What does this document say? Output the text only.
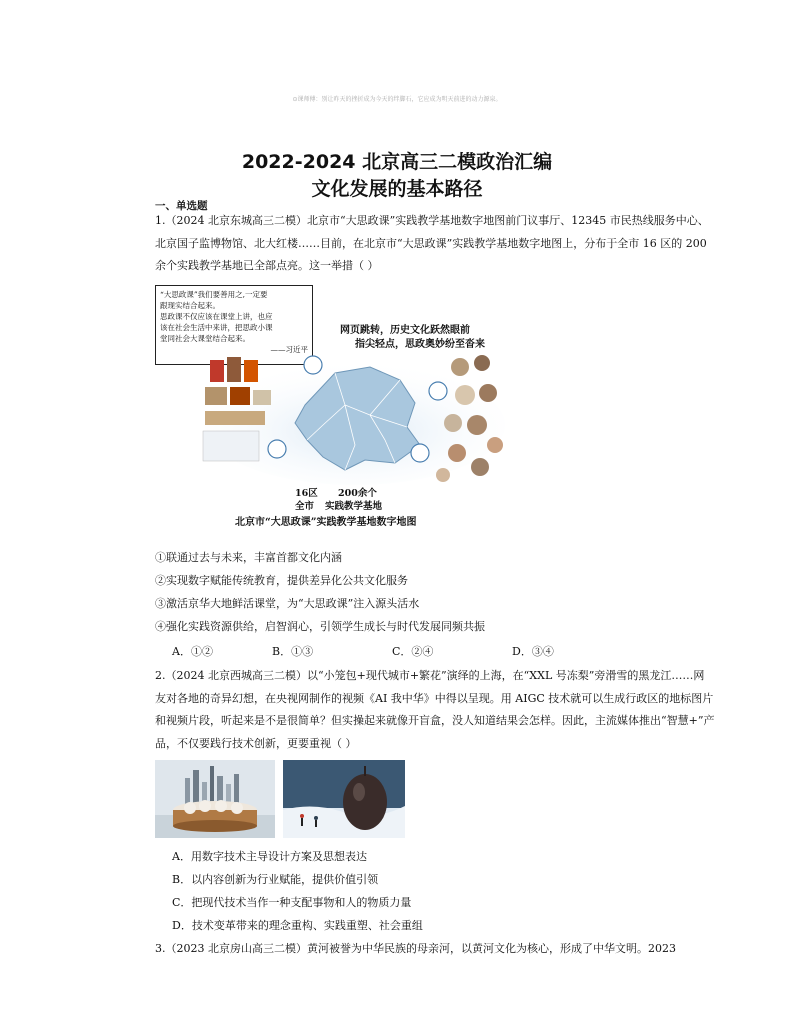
⊙课师傅：别让昨天的挫折成为今天的绊脚石，它应成为明天前进的动力源泉。
2022-2024 北京高三二模政治汇编
文化发展的基本路径
一、单选题
1.（2024 北京东城高三二模）北京市“大思政课”实践教学基地数字地图前门议事厅、12345 市民热线服务中心、北京国子监博物馆、北大红楼……目前，在北京市“大思政课”实践教学基地数字地图上，分布于全市 16 区的 200 余个实践教学基地已全部点亮。这一举措（ ）
“大思政课”我们要善用之,一定要
跟现实结合起来。
思政课不仅应该在课堂上讲，也应
该在社会生活中来讲，把思政小课
堂同社会大课堂结合起来。
——习近平
网页跳转，历史文化跃然眼前
指尖轻点，思政奥妙纷至沓来
16区 200余个
全市 实践教学基地
北京市“大思政课”实践教学基地数字地图
①联通过去与未来，丰富首都文化内涵
②实现数字赋能传统教育，提供差异化公共文化服务
③激活京华大地鲜活课堂，为“大思政课”注入源头活水
④强化实践资源供给，启智润心，引领学生成长与时代发展同频共振
A．①②	B．①③	C．②④	D．③④
2.（2024 北京西城高三二模）以“小笼包+现代城市+繁花”演绎的上海，在“XXL 号冻梨”旁滑雪的黑龙江……网友对各地的奇异幻想，在央视网制作的视频《AI 我中华》中得以呈现。用 AIGC 技术就可以生成行政区的地标图片和视频片段，听起来是不是很简单？但实操起来就像开盲盒，没人知道结果会怎样。因此，主流媒体推出“智慧+”产品，不仅要践行技术创新，更要重视（ ）
A．用数字技术主导设计方案及思想表达
B．以内容创新为行业赋能，提供价值引领
C．把现代技术当作一种支配事物和人的物质力量
D．技术变革带来的理念重构、实践重塑、社会重组
3.（2023 北京房山高三二模）黄河被誉为中华民族的母亲河，以黄河文化为核心，形成了中华文明。2023
